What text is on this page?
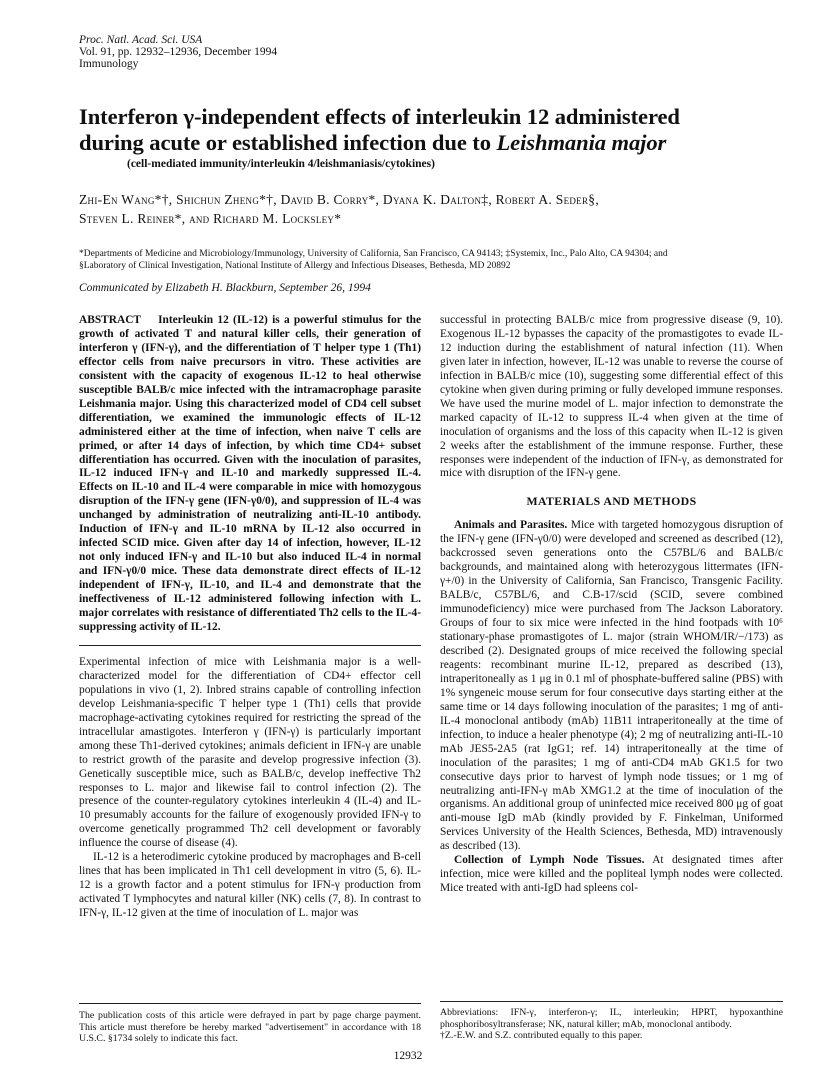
Proc. Natl. Acad. Sci. USA
Vol. 91, pp. 12932–12936, December 1994
Immunology
Interferon γ-independent effects of interleukin 12 administered
during acute or established infection due to Leishmania major
(cell-mediated immunity/interleukin 4/leishmaniasis/cytokines)
Zhi-En Wang*†, Shichun Zheng*†, David B. Corry*, Dyana K. Dalton‡, Robert A. Seder§,
Steven L. Reiner*, and Richard M. Locksley*
*Departments of Medicine and Microbiology/Immunology, University of California, San Francisco, CA 94143; ‡Systemix, Inc., Palo Alto, CA 94304; and
§Laboratory of Clinical Investigation, National Institute of Allergy and Infectious Diseases, Bethesda, MD 20892
Communicated by Elizabeth H. Blackburn, September 26, 1994

ABSTRACT Interleukin 12 (IL-12) is a powerful stimulus for the growth of activated T and natural killer cells, their generation of interferon γ (IFN-γ), and the differentiation of T helper type 1 (Th1) effector cells from naive precursors in vitro. These activities are consistent with the capacity of exogenous IL-12 to heal otherwise susceptible BALB/c mice infected with the intramacrophage parasite Leishmania major. Using this characterized model of CD4 cell subset differentiation, we examined the immunologic effects of IL-12 administered either at the time of infection, when naive T cells are primed, or after 14 days of infection, by which time CD4+ subset differentiation has occurred. Given with the inoculation of parasites, IL-12 induced IFN-γ and IL-10 and markedly suppressed IL-4. Effects on IL-10 and IL-4 were comparable in mice with homozygous disruption of the IFN-γ gene (IFN-γ0/0), and suppression of IL-4 was unchanged by administration of neutralizing anti-IL-10 antibody. Induction of IFN-γ and IL-10 mRNA by IL-12 also occurred in infected SCID mice. Given after day 14 of infection, however, IL-12 not only induced IFN-γ and IL-10 but also induced IL-4 in normal and IFN-γ0/0 mice. These data demonstrate direct effects of IL-12 independent of IFN-γ, IL-10, and IL-4 and demonstrate that the ineffectiveness of IL-12 administered following infection with L. major correlates with resistance of differentiated Th2 cells to the IL-4-suppressing activity of IL-12.

Experimental infection of mice with Leishmania major is a well-characterized model for the differentiation of CD4+ effector cell populations in vivo (1, 2). Inbred strains capable of controlling infection develop Leishmania-specific T helper type 1 (Th1) cells that provide macrophage-activating cytokines required for restricting the spread of the intracellular amastigotes. Interferon γ (IFN-γ) is particularly important among these Th1-derived cytokines; animals deficient in IFN-γ are unable to restrict growth of the parasite and develop progressive infection (3). Genetically susceptible mice, such as BALB/c, develop ineffective Th2 responses to L. major and likewise fail to control infection (2). The presence of the counter-regulatory cytokines interleukin 4 (IL-4) and IL-10 presumably accounts for the failure of exogenously provided IFN-γ to overcome genetically programmed Th2 cell development or favorably influence the course of disease (4).

IL-12 is a heterodimeric cytokine produced by macrophages and B-cell lines that has been implicated in Th1 cell development in vitro (5, 6). IL-12 is a growth factor and a potent stimulus for IFN-γ production from activated T lymphocytes and natural killer (NK) cells (7, 8). In contrast to IFN-γ, IL-12 given at the time of inoculation of L. major was

successful in protecting BALB/c mice from progressive disease (9, 10). Exogenous IL-12 bypasses the capacity of the promastigotes to evade IL-12 induction during the establishment of natural infection (11). When given later in infection, however, IL-12 was unable to reverse the course of infection in BALB/c mice (10), suggesting some differential effect of this cytokine when given during priming or fully developed immune responses. We have used the murine model of L. major infection to demonstrate the marked capacity of IL-12 to suppress IL-4 when given at the time of inoculation of organisms and the loss of this capacity when IL-12 is given 2 weeks after the establishment of the immune response. Further, these responses were independent of the induction of IFN-γ, as demonstrated for mice with disruption of the IFN-γ gene.

MATERIALS AND METHODS

Animals and Parasites. Mice with targeted homozygous disruption of the IFN-γ gene (IFN-γ0/0) were developed and screened as described (12), backcrossed seven generations onto the C57BL/6 and BALB/c backgrounds, and maintained along with heterozygous littermates (IFN-γ+/0) in the University of California, San Francisco, Transgenic Facility. BALB/c, C57BL/6, and C.B-17/scid (SCID, severe combined immunodeficiency) mice were purchased from The Jackson Laboratory. Groups of four to six mice were infected in the hind footpads with 10⁶ stationary-phase promastigotes of L. major (strain WHOM/IR/−/173) as described (2). Designated groups of mice received the following special reagents: recombinant murine IL-12, prepared as described (13), intraperitoneally as 1 μg in 0.1 ml of phosphate-buffered saline (PBS) with 1% syngeneic mouse serum for four consecutive days starting either at the same time or 14 days following inoculation of the parasites; 1 mg of anti-IL-4 monoclonal antibody (mAb) 11B11 intraperitoneally at the time of infection, to induce a healer phenotype (4); 2 mg of neutralizing anti-IL-10 mAb JES5-2A5 (rat IgG1; ref. 14) intraperitoneally at the time of inoculation of the parasites; 1 mg of anti-CD4 mAb GK1.5 for two consecutive days prior to harvest of lymph node tissues; or 1 mg of neutralizing anti-IFN-γ mAb XMG1.2 at the time of inoculation of the organisms. An additional group of uninfected mice received 800 μg of goat anti-mouse IgD mAb (kindly provided by F. Finkelman, Uniformed Services University of the Health Sciences, Bethesda, MD) intravenously as described (13).

Collection of Lymph Node Tissues. At designated times after infection, mice were killed and the popliteal lymph nodes were collected. Mice treated with anti-IgD had spleens col-

The publication costs of this article were defrayed in part by page charge payment. This article must therefore be hereby marked "advertisement" in accordance with 18 U.S.C. §1734 solely to indicate this fact.
Abbreviations: IFN-γ, interferon-γ; IL, interleukin; HPRT, hypoxanthine phosphoribosyltransferase; NK, natural killer; mAb, monoclonal antibody.
†Z.-E.W. and S.Z. contributed equally to this paper.
12932
